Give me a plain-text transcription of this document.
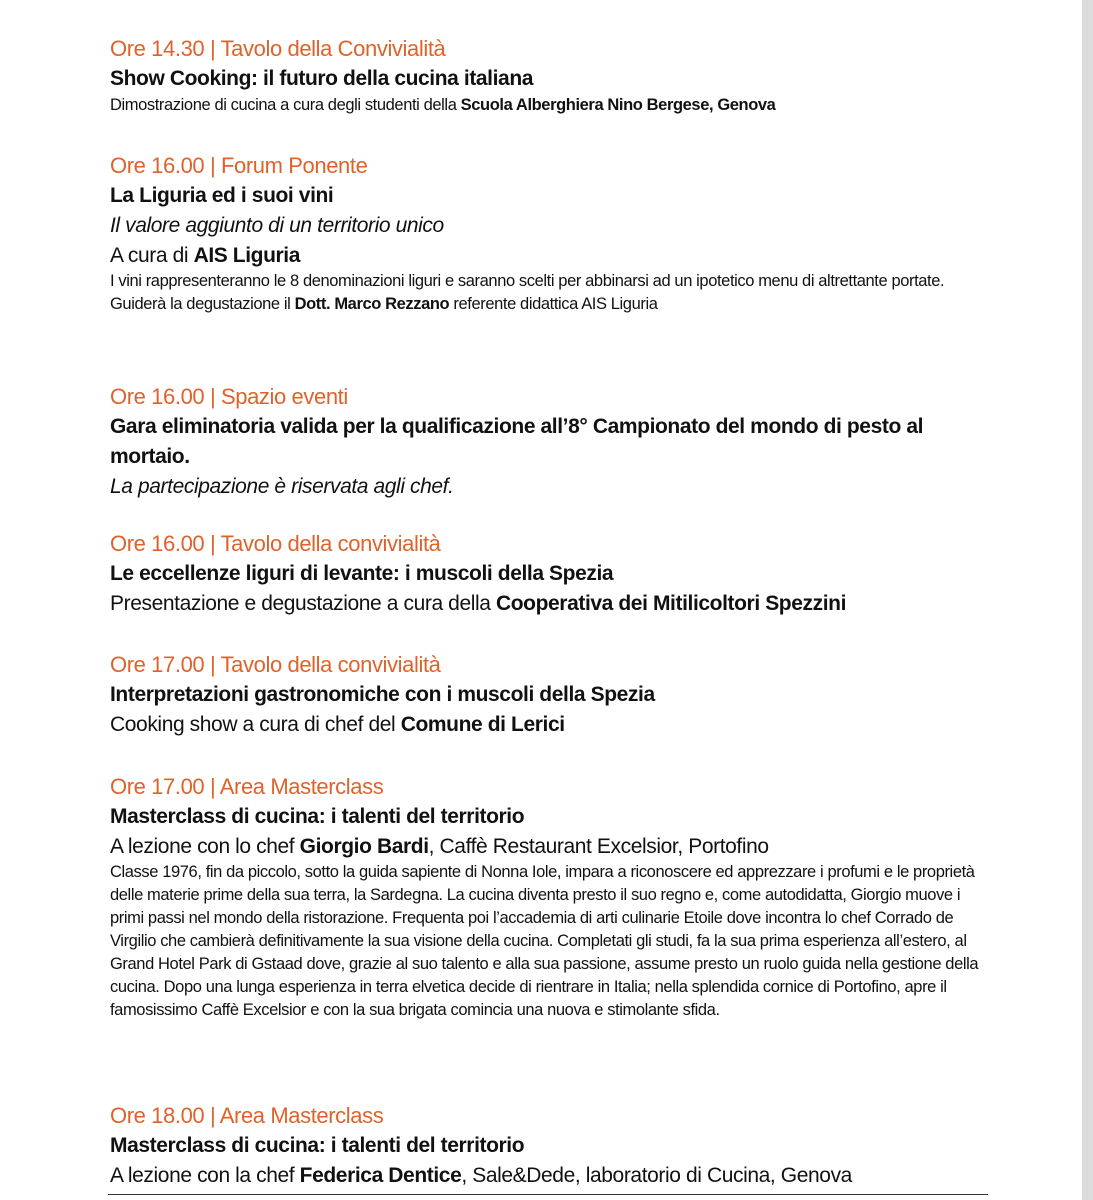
Ore 14.30 | Tavolo della Convivialità
Show Cooking: il futuro della cucina italiana
Dimostrazione di cucina a cura degli studenti della Scuola Alberghiera Nino Bergese, Genova
Ore 16.00 | Forum Ponente
La Liguria ed i suoi vini
Il valore aggiunto di un territorio unico
A cura di AIS Liguria
I vini rappresenteranno le 8 denominazioni liguri e saranno scelti per abbinarsi ad un ipotetico menu di altrettante portate.
Guiderà la degustazione il Dott. Marco Rezzano referente didattica AIS Liguria
Ore 16.00 | Spazio eventi
Gara eliminatoria valida per la qualificazione all’8° Campionato del mondo di pesto al
mortaio.
La partecipazione è riservata agli chef.
Ore 16.00 | Tavolo della convivialità
Le eccellenze liguri di levante: i muscoli della Spezia
Presentazione e degustazione a cura della Cooperativa dei Mitilicoltori Spezzini
Ore 17.00 | Tavolo della convivialità
Interpretazioni gastronomiche con i muscoli della Spezia
Cooking show a cura di chef del Comune di Lerici
Ore 17.00 | Area Masterclass
Masterclass di cucina: i talenti del territorio
A lezione con lo chef Giorgio Bardi, Caffè Restaurant Excelsior, Portofino
Classe 1976, fin da piccolo, sotto la guida sapiente di Nonna Iole, impara a riconoscere ed apprezzare i profumi e le proprietà delle materie prime della sua terra, la Sardegna. La cucina diventa presto il suo regno e, come autodidatta, Giorgio muove i primi passi nel mondo della ristorazione. Frequenta poi l’accademia di arti culinarie Etoile dove incontra lo chef Corrado de Virgilio che cambierà definitivamente la sua visione della cucina. Completati gli studi, fa la sua prima esperienza all’estero, al Grand Hotel Park di Gstaad dove, grazie al suo talento e alla sua passione, assume presto un ruolo guida nella gestione della cucina. Dopo una lunga esperienza in terra elvetica decide di rientrare in Italia; nella splendida cornice di Portofino, apre il famosissimo Caffè Excelsior e con la sua brigata comincia una nuova e stimolante sfida.
Ore 18.00 | Area Masterclass
Masterclass di cucina: i talenti del territorio
A lezione con la chef Federica Dentice, Sale&Dede, laboratorio di Cucina, Genova
